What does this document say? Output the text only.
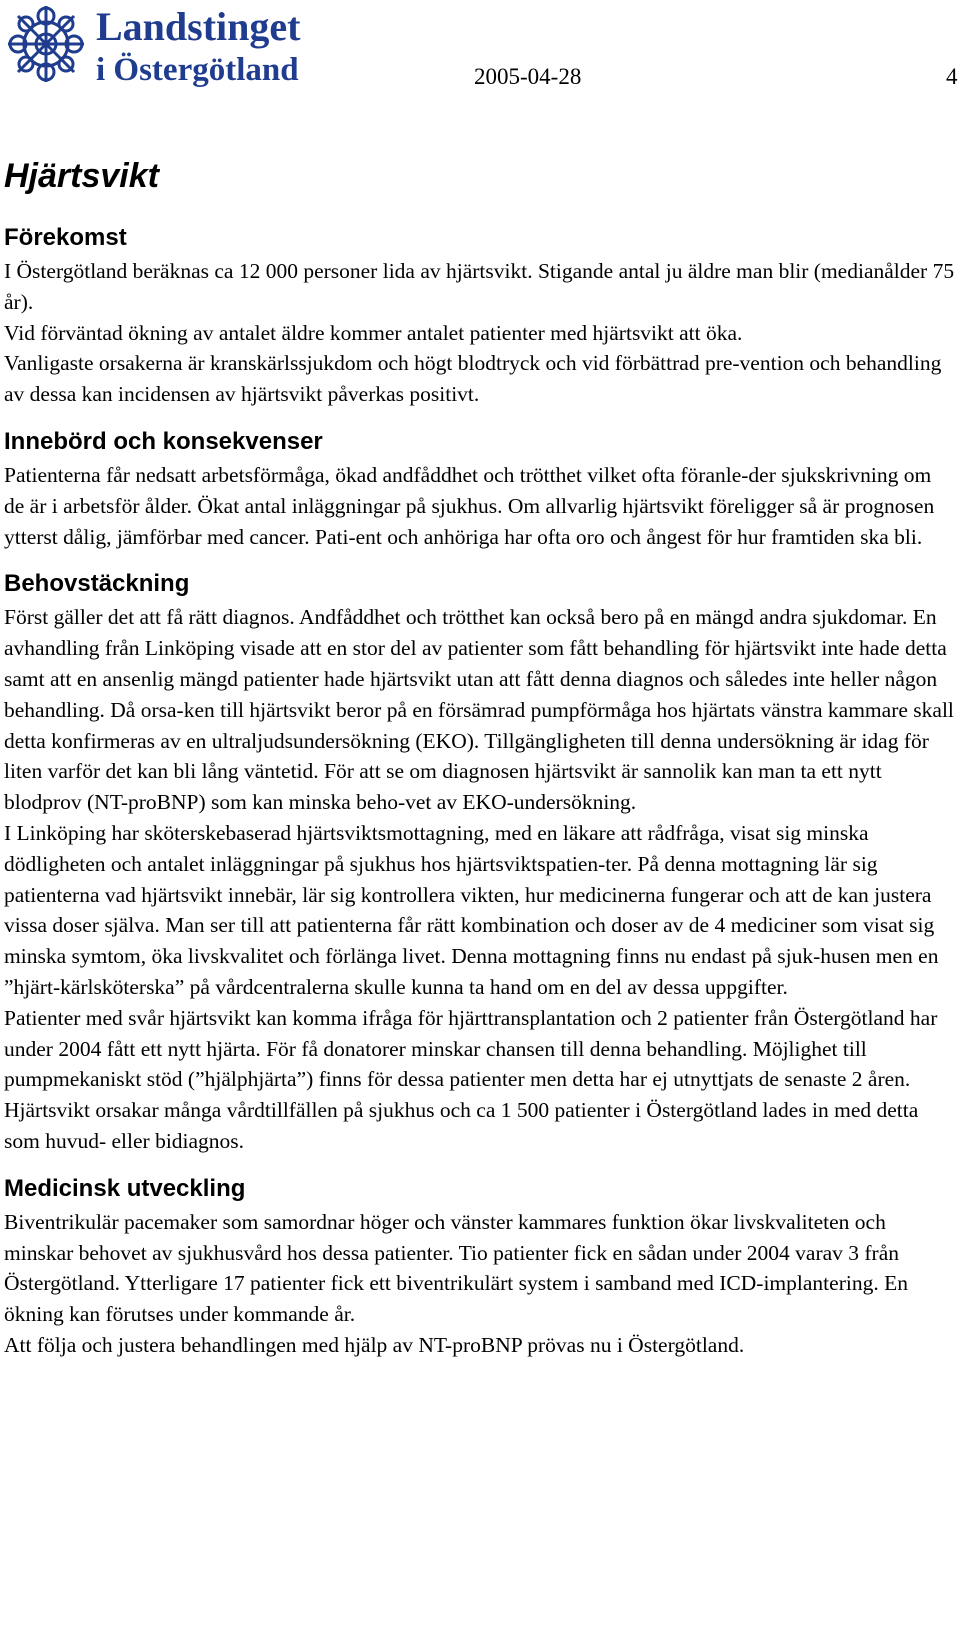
Landstinget
i Östergötland	2005-04-28	4
Hjärtsvikt
Förekomst

I Östergötland beräknas ca 12 000 personer lida av hjärtsvikt. Stigande antal ju äldre man blir (medianålder 75 år).

Vid förväntad ökning av antalet äldre kommer antalet patienter med hjärtsvikt att öka.

Vanligaste orsakerna är kranskärlssjukdom och högt blodtryck och vid förbättrad pre-vention och behandling av dessa kan incidensen av hjärtsvikt påverkas positivt.

Innebörd och konsekvenser

Patienterna får nedsatt arbetsförmåga, ökad andfåddhet och trötthet vilket ofta föranle-der sjukskrivning om de är i arbetsför ålder. Ökat antal inläggningar på sjukhus. Om allvarlig hjärtsvikt föreligger så är prognosen ytterst dålig, jämförbar med cancer. Pati-ent och anhöriga har ofta oro och ångest för hur framtiden ska bli.

Behovstäckning

Först gäller det att få rätt diagnos. Andfåddhet och trötthet kan också bero på en mängd andra sjukdomar. En avhandling från Linköping visade att en stor del av patienter som fått behandling för hjärtsvikt inte hade detta samt att en ansenlig mängd patienter hade hjärtsvikt utan att fått denna diagnos och således inte heller någon behandling. Då orsa-ken till hjärtsvikt beror på en försämrad pumpförmåga hos hjärtats vänstra kammare skall detta konfirmeras av en ultraljudsundersökning (EKO). Tillgängligheten till denna undersökning är idag för liten varför det kan bli lång väntetid. För att se om diagnosen hjärtsvikt är sannolik kan man ta ett nytt blodprov (NT-proBNP) som kan minska beho-vet av EKO-undersökning.

I Linköping har sköterskebaserad hjärtsviktsmottagning, med en läkare att rådfråga, visat sig minska dödligheten och antalet inläggningar på sjukhus hos hjärtsviktspatien-ter. På denna mottagning lär sig patienterna vad hjärtsvikt innebär, lär sig kontrollera vikten, hur medicinerna fungerar och att de kan justera vissa doser själva. Man ser till att patienterna får rätt kombination och doser av de 4 mediciner som visat sig minska symtom, öka livskvalitet och förlänga livet. Denna mottagning finns nu endast på sjuk-husen men en ”hjärt-kärlsköterska” på vårdcentralerna skulle kunna ta hand om en del av dessa uppgifter.

Patienter med svår hjärtsvikt kan komma ifråga för hjärttransplantation och 2 patienter från Östergötland har under 2004 fått ett nytt hjärta. För få donatorer minskar chansen till denna behandling. Möjlighet till pumpmekaniskt stöd (”hjälphjärta”) finns för dessa patienter men detta har ej utnyttjats de senaste 2 åren.

Hjärtsvikt orsakar många vårdtillfällen på sjukhus och ca 1 500 patienter i Östergötland lades in med detta som huvud- eller bidiagnos.

Medicinsk utveckling

Biventrikulär pacemaker som samordnar höger och vänster kammares funktion ökar livskvaliteten och minskar behovet av sjukhusvård hos dessa patienter. Tio patienter fick en sådan under 2004 varav 3 från Östergötland. Ytterligare 17 patienter fick ett biventrikulärt system i samband med ICD-implantering. En ökning kan förutses under kommande år.

Att följa och justera behandlingen med hjälp av NT-proBNP prövas nu i Östergötland.
